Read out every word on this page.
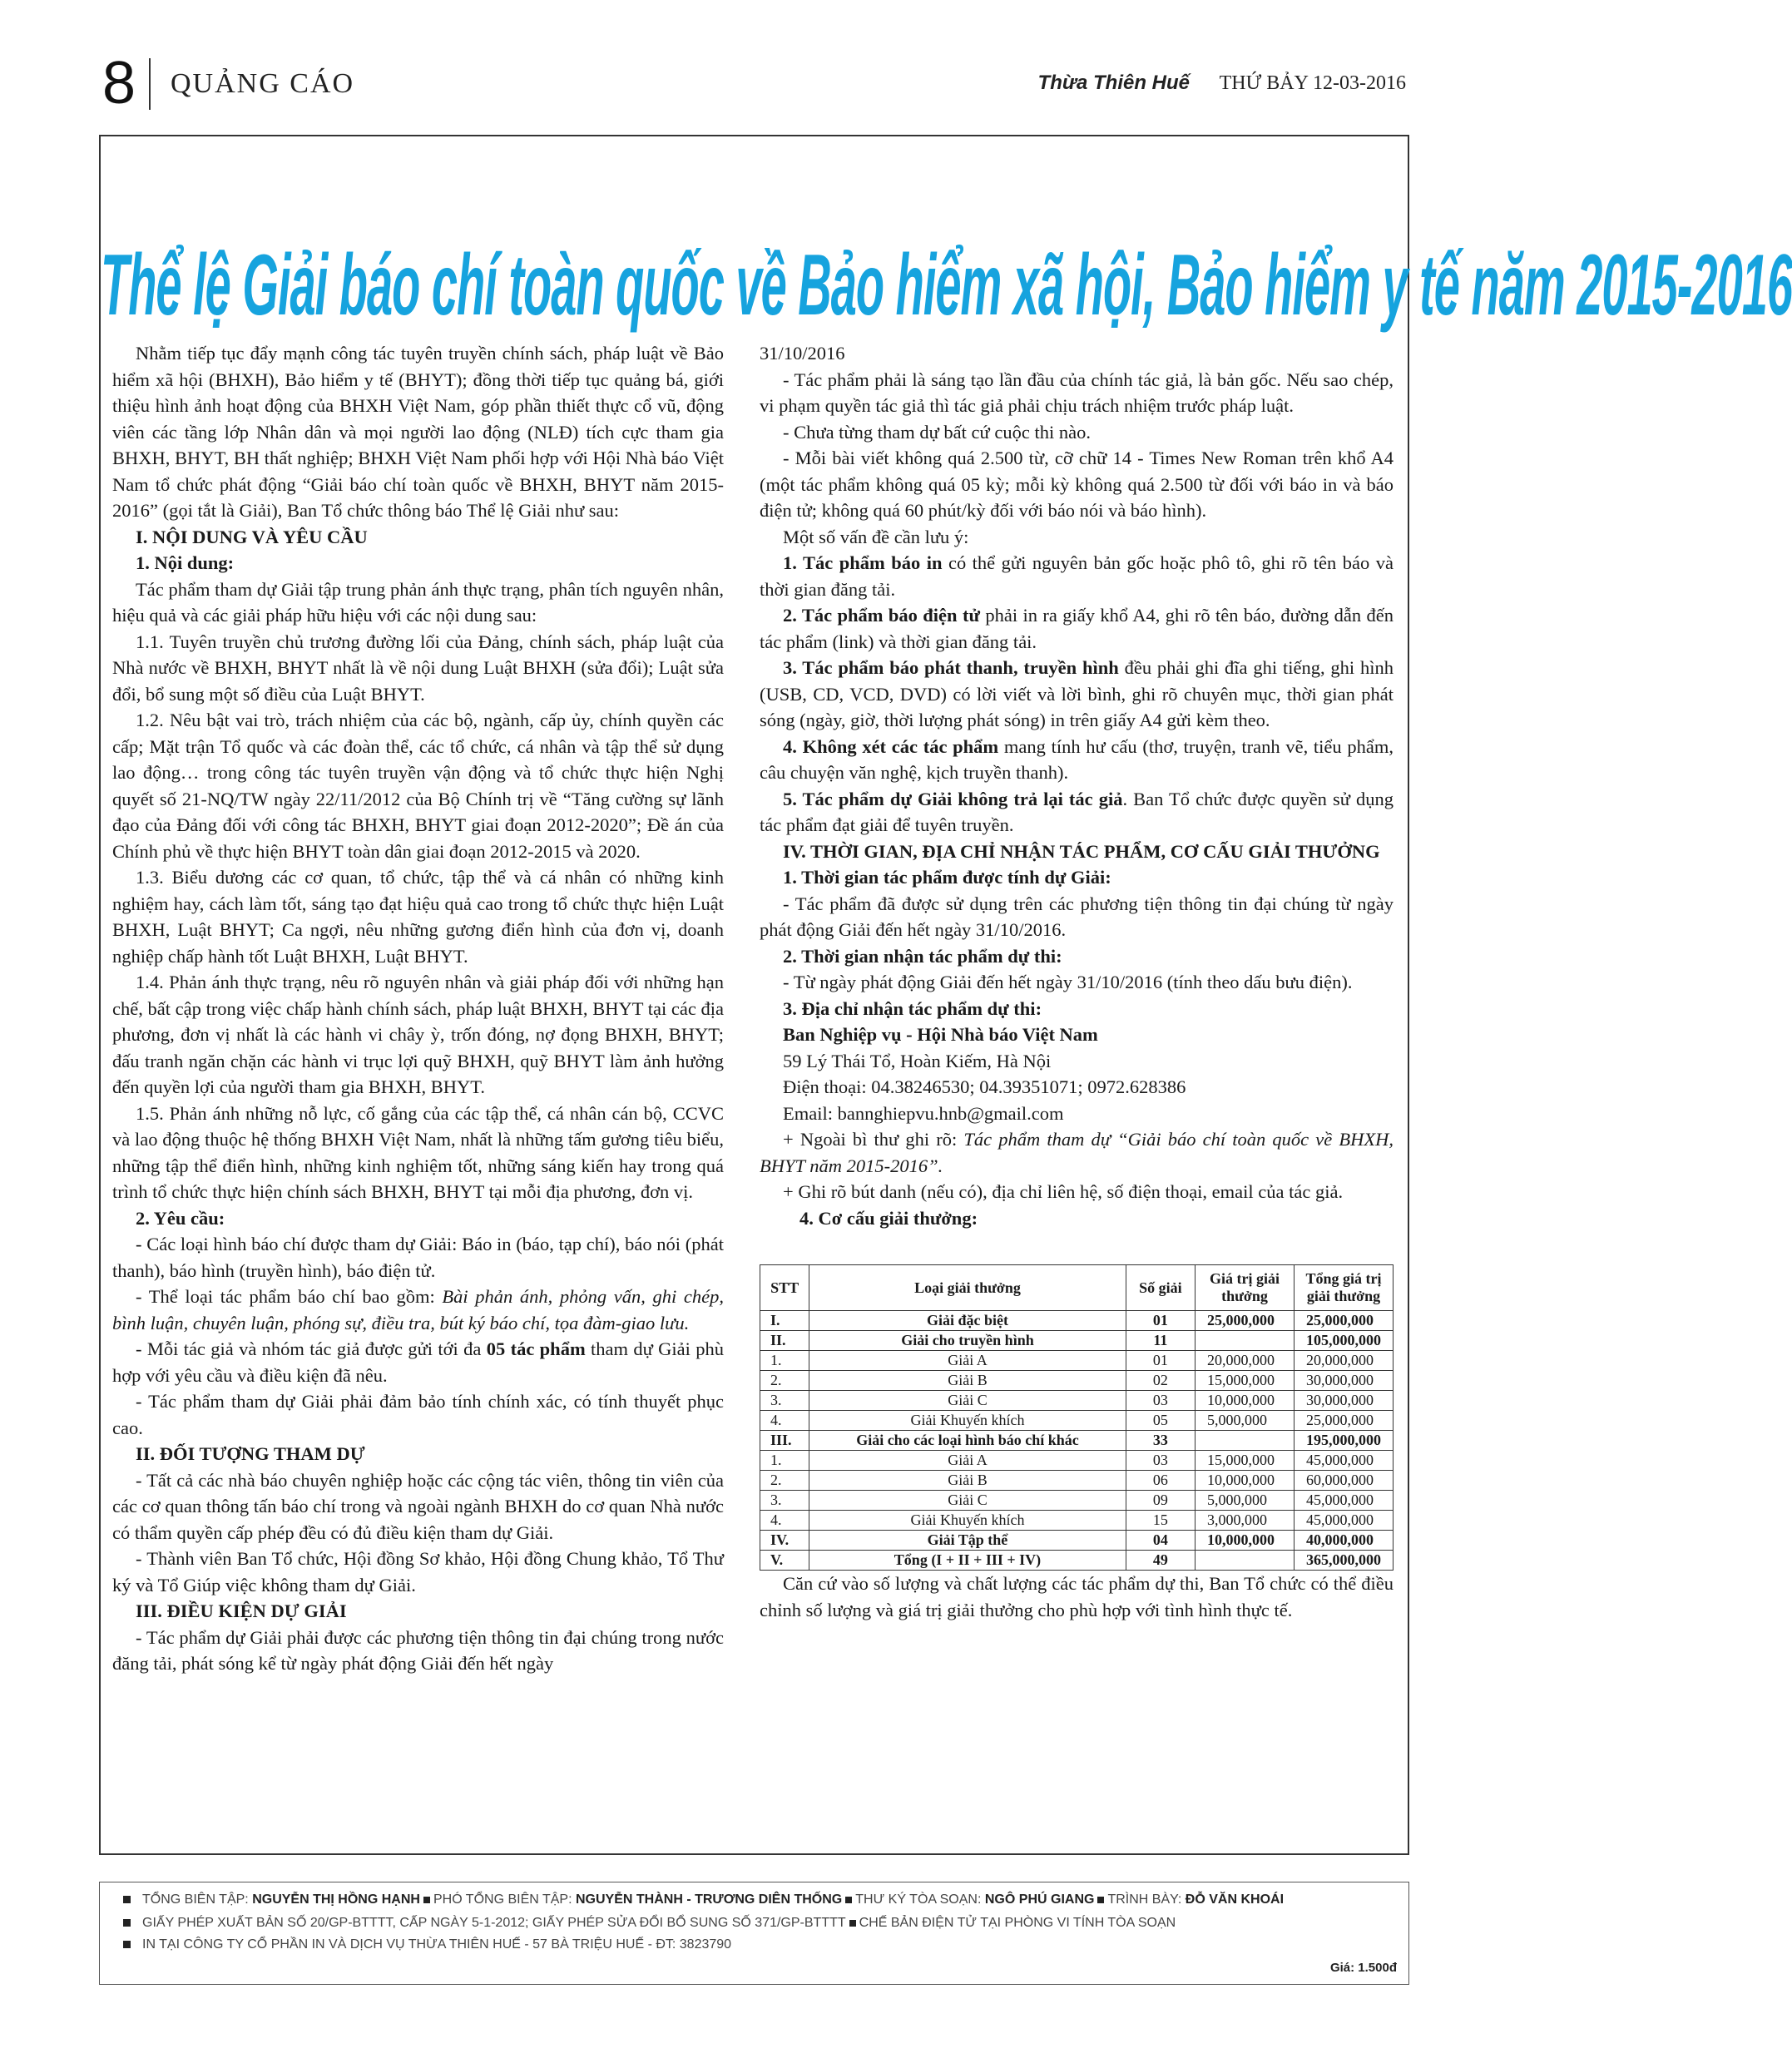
8 QUẢNG CÁO	Thừa Thiên Huế THỨ BẢY 12-03-2016
Thể lệ Giải báo chí toàn quốc về Bảo hiểm xã hội, Bảo hiểm y tế năm 2015-2016

Nhằm tiếp tục đẩy mạnh công tác tuyên truyền chính sách, pháp luật về Bảo hiểm xã hội (BHXH), Bảo hiểm y tế (BHYT); đồng thời tiếp tục quảng bá, giới thiệu hình ảnh hoạt động của BHXH Việt Nam, góp phần thiết thực cổ vũ, động viên các tầng lớp Nhân dân và mọi người lao động (NLĐ) tích cực tham gia BHXH, BHYT, BH thất nghiệp; BHXH Việt Nam phối hợp với Hội Nhà báo Việt Nam tổ chức phát động “Giải báo chí toàn quốc về BHXH, BHYT năm 2015-2016” (gọi tắt là Giải), Ban Tổ chức thông báo Thể lệ Giải như sau:

I. NỘI DUNG VÀ YÊU CẦU

1. Nội dung:

Tác phẩm tham dự Giải tập trung phản ánh thực trạng, phân tích nguyên nhân, hiệu quả và các giải pháp hữu hiệu với các nội dung sau:

1.1. Tuyên truyền chủ trương đường lối của Đảng, chính sách, pháp luật của Nhà nước về BHXH, BHYT nhất là về nội dung Luật BHXH (sửa đổi); Luật sửa đổi, bổ sung một số điều của Luật BHYT.

1.2. Nêu bật vai trò, trách nhiệm của các bộ, ngành, cấp ủy, chính quyền các cấp; Mặt trận Tổ quốc và các đoàn thể, các tổ chức, cá nhân và tập thể sử dụng lao động… trong công tác tuyên truyền vận động và tổ chức thực hiện Nghị quyết số 21-NQ/TW ngày 22/11/2012 của Bộ Chính trị về “Tăng cường sự lãnh đạo của Đảng đối với công tác BHXH, BHYT giai đoạn 2012-2020”; Đề án của Chính phủ về thực hiện BHYT toàn dân giai đoạn 2012-2015 và 2020.

1.3. Biểu dương các cơ quan, tổ chức, tập thể và cá nhân có những kinh nghiệm hay, cách làm tốt, sáng tạo đạt hiệu quả cao trong tổ chức thực hiện Luật BHXH, Luật BHYT; Ca ngợi, nêu những gương điển hình của đơn vị, doanh nghiệp chấp hành tốt Luật BHXH, Luật BHYT.

1.4. Phản ánh thực trạng, nêu rõ nguyên nhân và giải pháp đối với những hạn chế, bất cập trong việc chấp hành chính sách, pháp luật BHXH, BHYT tại các địa phương, đơn vị nhất là các hành vi chây ỳ, trốn đóng, nợ đọng BHXH, BHYT; đấu tranh ngăn chặn các hành vi trục lợi quỹ BHXH, quỹ BHYT làm ảnh hưởng đến quyền lợi của người tham gia BHXH, BHYT.

1.5. Phản ánh những nỗ lực, cố gắng của các tập thể, cá nhân cán bộ, CCVC và lao động thuộc hệ thống BHXH Việt Nam, nhất là những tấm gương tiêu biểu, những tập thể điển hình, những kinh nghiệm tốt, những sáng kiến hay trong quá trình tổ chức thực hiện chính sách BHXH, BHYT tại mỗi địa phương, đơn vị.

2. Yêu cầu:

- Các loại hình báo chí được tham dự Giải: Báo in (báo, tạp chí), báo nói (phát thanh), báo hình (truyền hình), báo điện tử.

- Thể loại tác phẩm báo chí bao gồm: Bài phản ánh, phỏng vấn, ghi chép, bình luận, chuyên luận, phóng sự, điều tra, bút ký báo chí, tọa đàm-giao lưu.

- Mỗi tác giả và nhóm tác giả được gửi tới đa 05 tác phẩm tham dự Giải phù hợp với yêu cầu và điều kiện đã nêu.

- Tác phẩm tham dự Giải phải đảm bảo tính chính xác, có tính thuyết phục cao.

II. ĐỐI TƯỢNG THAM DỰ

- Tất cả các nhà báo chuyên nghiệp hoặc các cộng tác viên, thông tin viên của các cơ quan thông tấn báo chí trong và ngoài ngành BHXH do cơ quan Nhà nước có thẩm quyền cấp phép đều có đủ điều kiện tham dự Giải.

- Thành viên Ban Tổ chức, Hội đồng Sơ khảo, Hội đồng Chung khảo, Tổ Thư ký và Tổ Giúp việc không tham dự Giải.

III. ĐIỀU KIỆN DỰ GIẢI

- Tác phẩm dự Giải phải được các phương tiện thông tin đại chúng trong nước đăng tải, phát sóng kể từ ngày phát động Giải đến hết ngày

31/10/2016

- Tác phẩm phải là sáng tạo lần đầu của chính tác giả, là bản gốc. Nếu sao chép, vi phạm quyền tác giả thì tác giả phải chịu trách nhiệm trước pháp luật.

- Chưa từng tham dự bất cứ cuộc thi nào.

- Mỗi bài viết không quá 2.500 từ, cỡ chữ 14 - Times New Roman trên khổ A4 (một tác phẩm không quá 05 kỳ; mỗi kỳ không quá 2.500 từ đối với báo in và báo điện tử; không quá 60 phút/kỳ đối với báo nói và báo hình).

Một số vấn đề cần lưu ý:

1. Tác phẩm báo in có thể gửi nguyên bản gốc hoặc phô tô, ghi rõ tên báo và thời gian đăng tải.

2. Tác phẩm báo điện tử phải in ra giấy khổ A4, ghi rõ tên báo, đường dẫn đến tác phẩm (link) và thời gian đăng tải.

3. Tác phẩm báo phát thanh, truyền hình đều phải ghi đĩa ghi tiếng, ghi hình (USB, CD, VCD, DVD) có lời viết và lời bình, ghi rõ chuyên mục, thời gian phát sóng (ngày, giờ, thời lượng phát sóng) in trên giấy A4 gửi kèm theo.

4. Không xét các tác phẩm mang tính hư cấu (thơ, truyện, tranh vẽ, tiểu phẩm, câu chuyện văn nghệ, kịch truyền thanh).

5. Tác phẩm dự Giải không trả lại tác giả. Ban Tổ chức được quyền sử dụng tác phẩm đạt giải để tuyên truyền.

IV. THỜI GIAN, ĐỊA CHỈ NHẬN TÁC PHẨM, CƠ CẤU GIẢI THƯỞNG

1. Thời gian tác phẩm được tính dự Giải:

- Tác phẩm đã được sử dụng trên các phương tiện thông tin đại chúng từ ngày phát động Giải đến hết ngày 31/10/2016.

2. Thời gian nhận tác phẩm dự thi:

- Từ ngày phát động Giải đến hết ngày 31/10/2016 (tính theo dấu bưu điện).

3. Địa chỉ nhận tác phẩm dự thi:

Ban Nghiệp vụ - Hội Nhà báo Việt Nam

59 Lý Thái Tổ, Hoàn Kiếm, Hà Nội

Điện thoại: 04.38246530; 04.39351071; 0972.628386

Email: bannghiepvu.hnb@gmail.com

+ Ngoài bì thư ghi rõ: Tác phẩm tham dự “Giải báo chí toàn quốc về BHXH, BHYT năm 2015-2016”.

+ Ghi rõ bút danh (nếu có), địa chỉ liên hệ, số điện thoại, email của tác giả.

4. Cơ cấu giải thưởng:

STT	Loại giải thưởng	Số giải	Giá trị giải thưởng	Tổng giá trị giải thưởng
I.	Giải đặc biệt	01	25,000,000	25,000,000
II.	Giải cho truyền hình	11		105,000,000
1.	Giải A	01	20,000,000	20,000,000
2.	Giải B	02	15,000,000	30,000,000
3.	Giải C	03	10,000,000	30,000,000
4.	Giải Khuyến khích	05	5,000,000	25,000,000
III.	Giải cho các loại hình báo chí khác	33		195,000,000
1.	Giải A	03	15,000,000	45,000,000
2.	Giải B	06	10,000,000	60,000,000
3.	Giải C	09	5,000,000	45,000,000
4.	Giải Khuyến khích	15	3,000,000	45,000,000
IV.	Giải Tập thể	04	10,000,000	40,000,000
V.	Tổng (I + II + III + IV)	49		365,000,000

Căn cứ vào số lượng và chất lượng các tác phẩm dự thi, Ban Tổ chức có thể điều chỉnh số lượng và giá trị giải thưởng cho phù hợp với tình hình thực tế.

TỔNG BIÊN TẬP: NGUYỄN THỊ HỒNG HẠNH PHÓ TỔNG BIÊN TẬP: NGUYỄN THÀNH - TRƯƠNG DIÊN THỐNG THƯ KÝ TÒA SOẠN: NGÔ PHÚ GIANG TRÌNH BÀY: ĐỖ VĂN KHOÁI
GIẤY PHÉP XUẤT BẢN SỐ 20/GP-BTTTT, CẤP NGÀY 5-1-2012; GIẤY PHÉP SỬA ĐỔI BỔ SUNG SỐ 371/GP-BTTTT CHẾ BẢN ĐIỆN TỬ TẠI PHÒNG VI TÍNH TÒA SOẠN
IN TẠI CÔNG TY CỔ PHẦN IN VÀ DỊCH VỤ THỪA THIÊN HUẾ - 57 BÀ TRIỆU HUẾ - ĐT: 3823790
Giá: 1.500đ
